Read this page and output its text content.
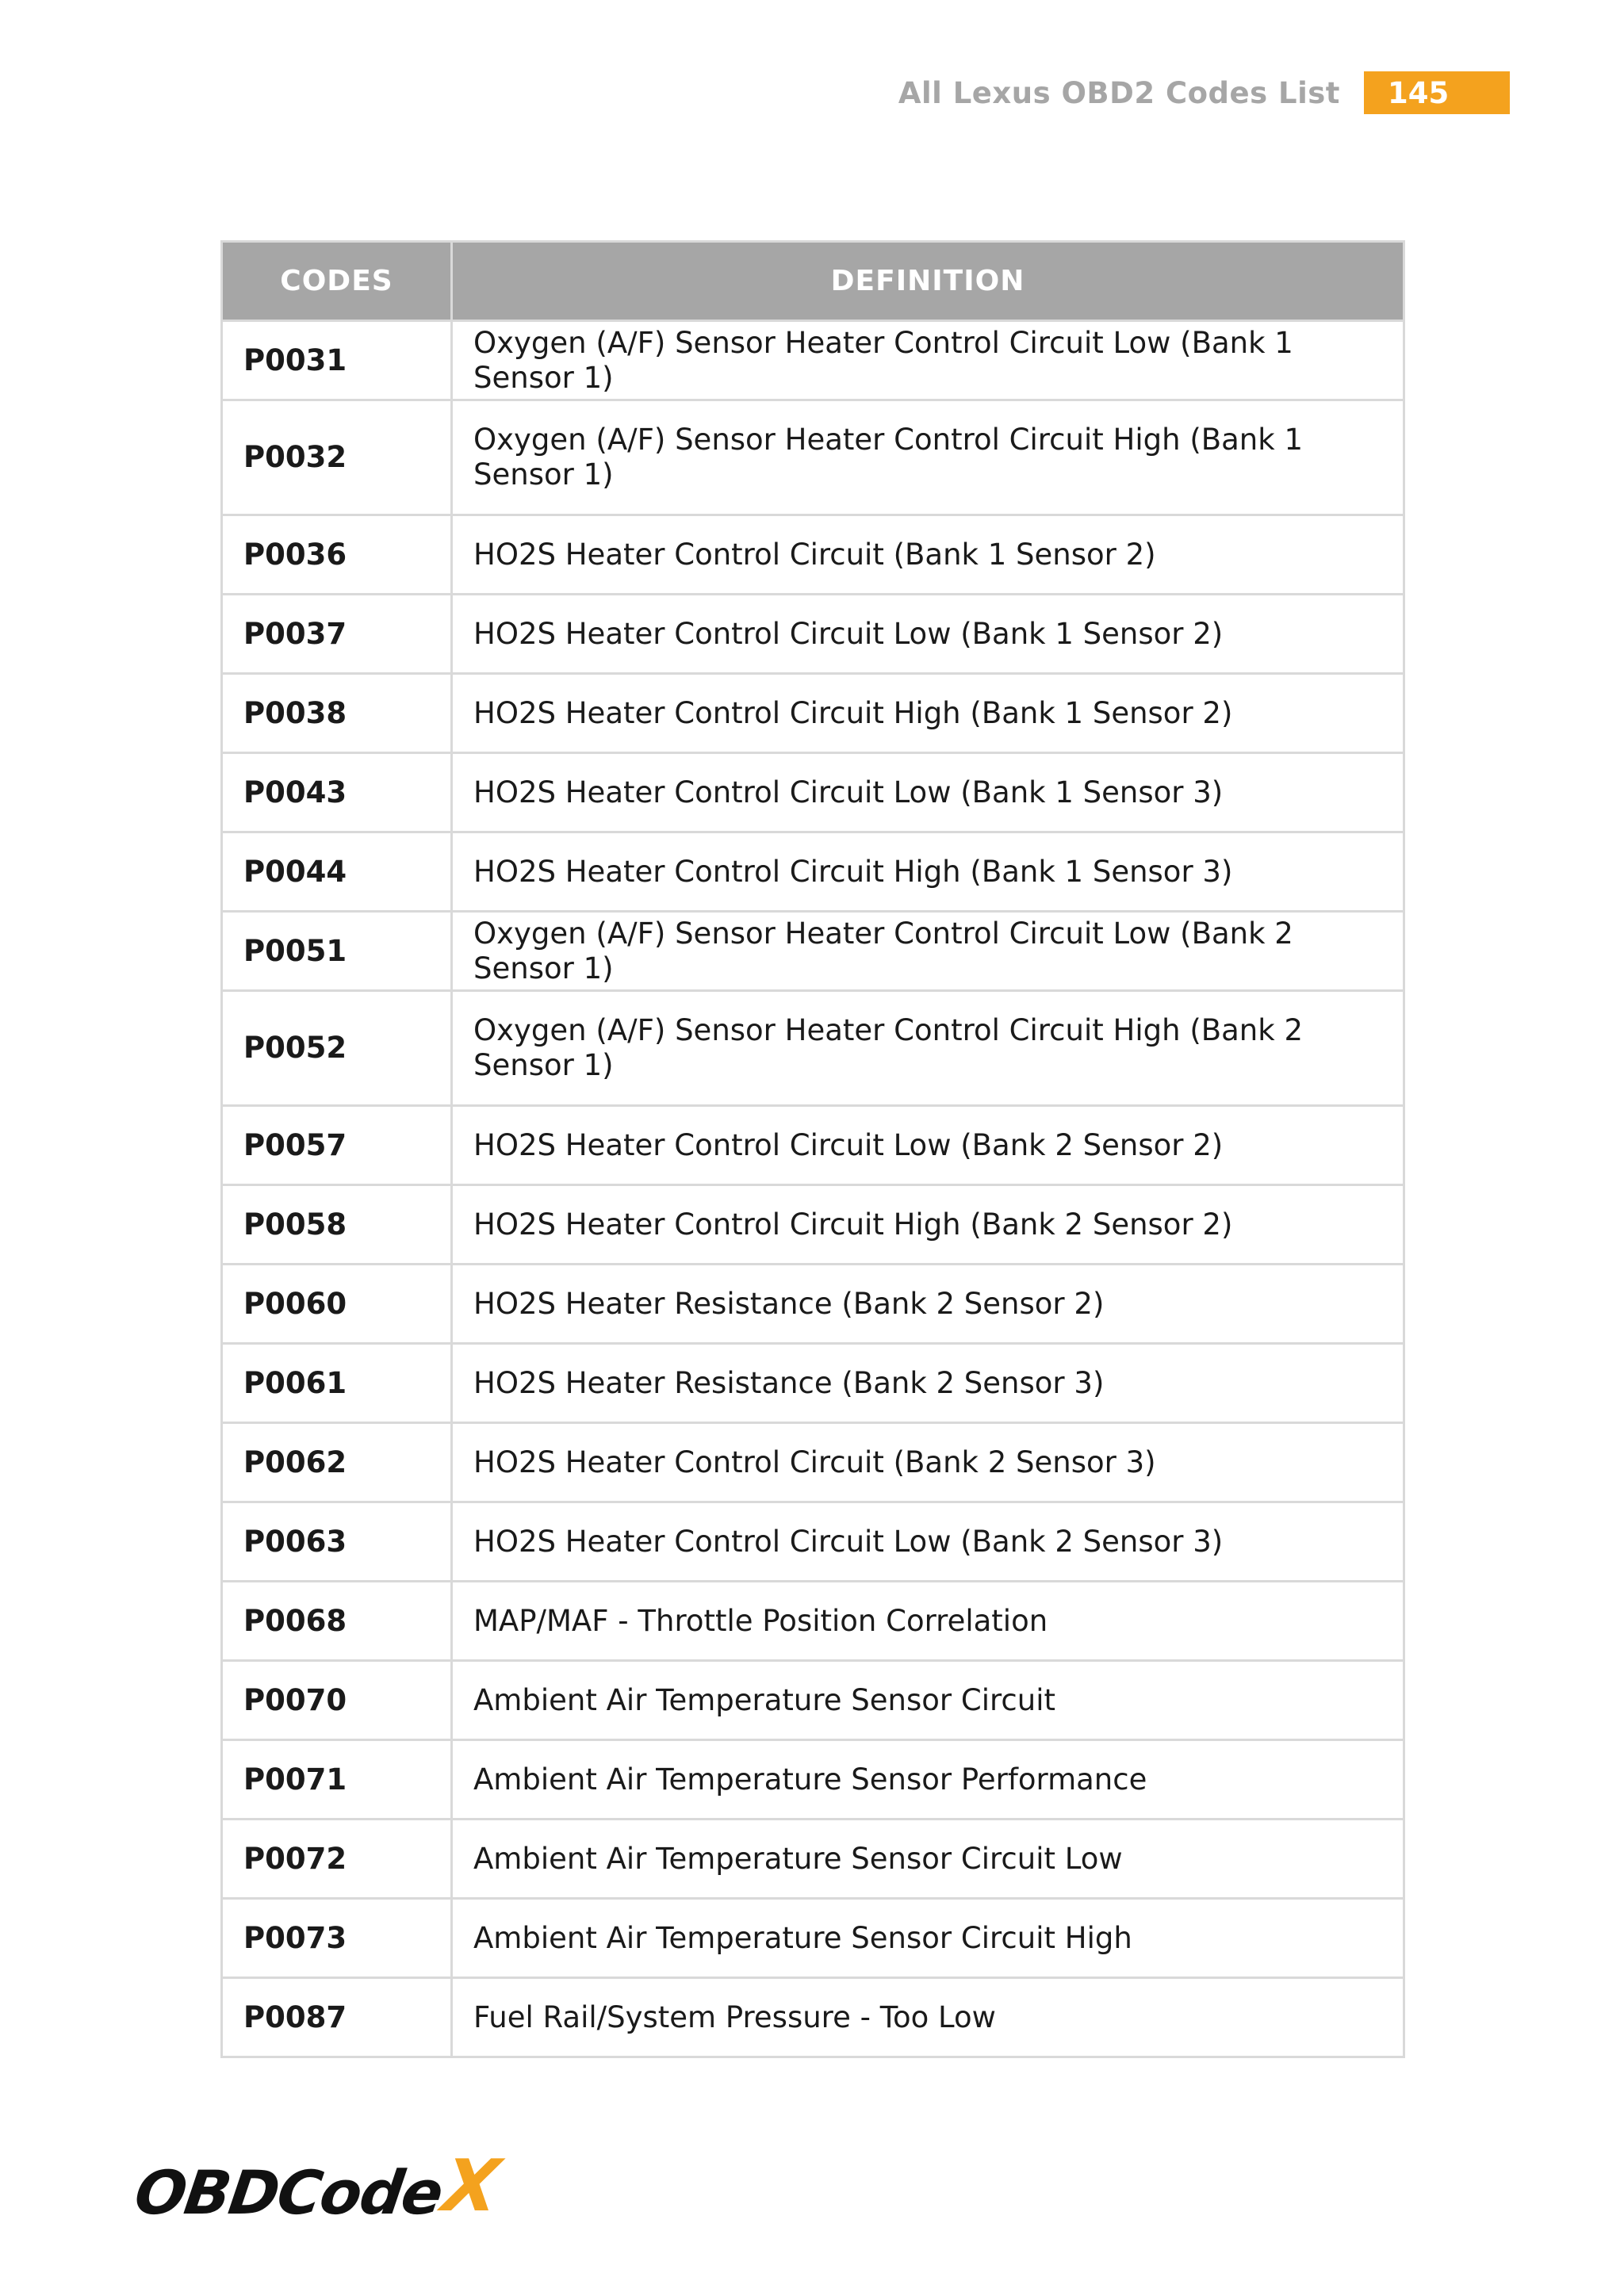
All Lexus OBD2 Codes List	145
CODES	DEFINITION
P0031	Oxygen (A/F) Sensor Heater Control Circuit Low (Bank 1 Sensor 1)
P0032	Oxygen (A/F) Sensor Heater Control Circuit High (Bank 1 Sensor 1)
P0036	HO2S Heater Control Circuit (Bank 1 Sensor 2)
P0037	HO2S Heater Control Circuit Low (Bank 1 Sensor 2)
P0038	HO2S Heater Control Circuit High (Bank 1 Sensor 2)
P0043	HO2S Heater Control Circuit Low (Bank 1 Sensor 3)
P0044	HO2S Heater Control Circuit High (Bank 1 Sensor 3)
P0051	Oxygen (A/F) Sensor Heater Control Circuit Low (Bank 2 Sensor 1)
P0052	Oxygen (A/F) Sensor Heater Control Circuit High (Bank 2 Sensor 1)
P0057	HO2S Heater Control Circuit Low (Bank 2 Sensor 2)
P0058	HO2S Heater Control Circuit High (Bank 2 Sensor 2)
P0060	HO2S Heater Resistance (Bank 2 Sensor 2)
P0061	HO2S Heater Resistance (Bank 2 Sensor 3)
P0062	HO2S Heater Control Circuit (Bank 2 Sensor 3)
P0063	HO2S Heater Control Circuit Low (Bank 2 Sensor 3)
P0068	MAP/MAF - Throttle Position Correlation
P0070	Ambient Air Temperature Sensor Circuit
P0071	Ambient Air Temperature Sensor Performance
P0072	Ambient Air Temperature Sensor Circuit Low
P0073	Ambient Air Temperature Sensor Circuit High
P0087	Fuel Rail/System Pressure - Too Low
OBDCode
X
